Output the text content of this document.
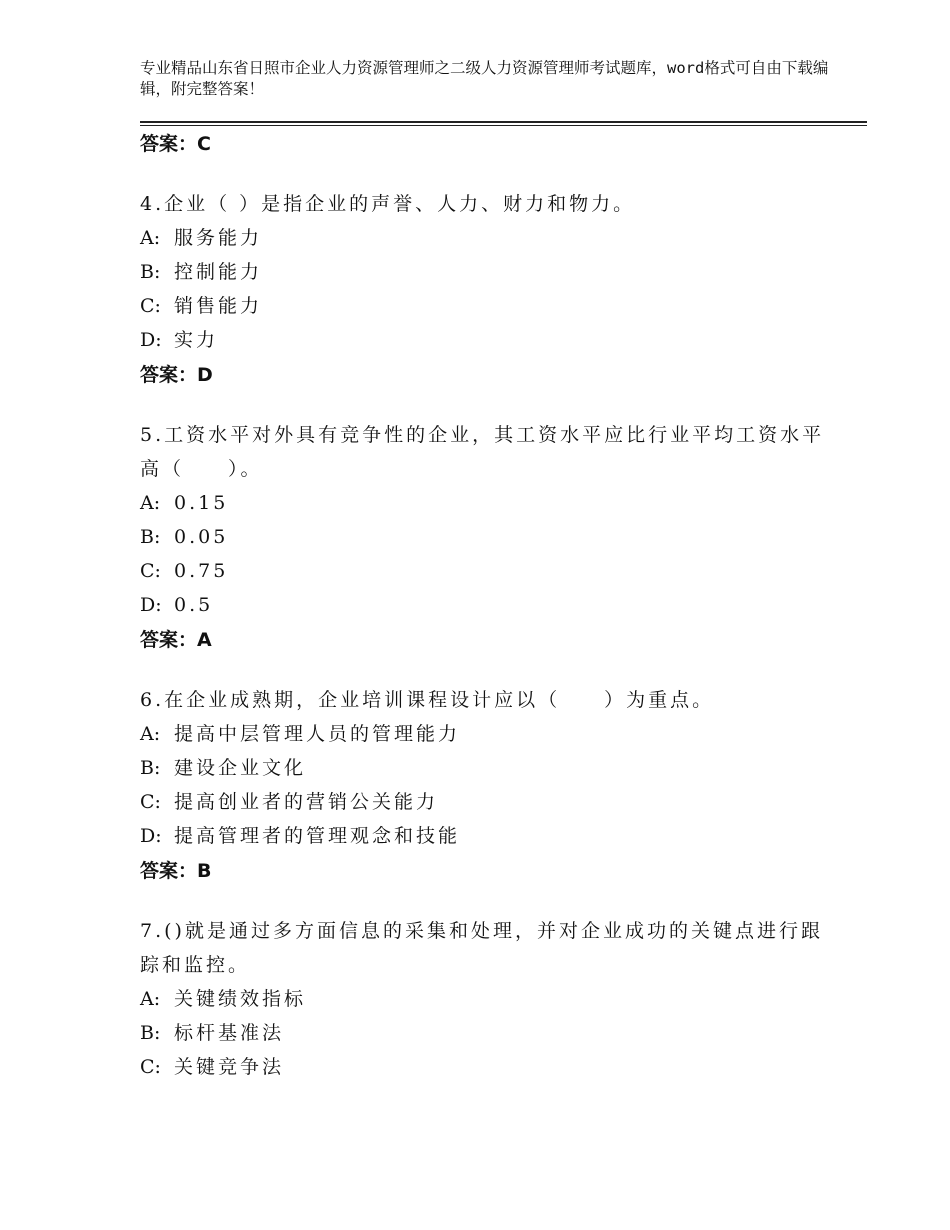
专业精品山东省日照市企业人力资源管理师之二级人力资源管理师考试题库，word格式可自由下载编辑，附完整答案！
答案：C
4.企业（ ）是指企业的声誉、人力、财力和物力。
A: 服务能力
B: 控制能力
C: 销售能力
D: 实力
答案：D
5.工资水平对外具有竞争性的企业，其工资水平应比行业平均工资水平高（　　）。
A: 0.15
B: 0.05
C: 0.75
D: 0.5
答案：A
6.在企业成熟期，企业培训课程设计应以（　　）为重点。
A: 提高中层管理人员的管理能力
B: 建设企业文化
C: 提高创业者的营销公关能力
D: 提高管理者的管理观念和技能
答案：B
7.()就是通过多方面信息的采集和处理，并对企业成功的关键点进行跟踪和监控。
A: 关键绩效指标
B: 标杆基准法
C: 关键竞争法
